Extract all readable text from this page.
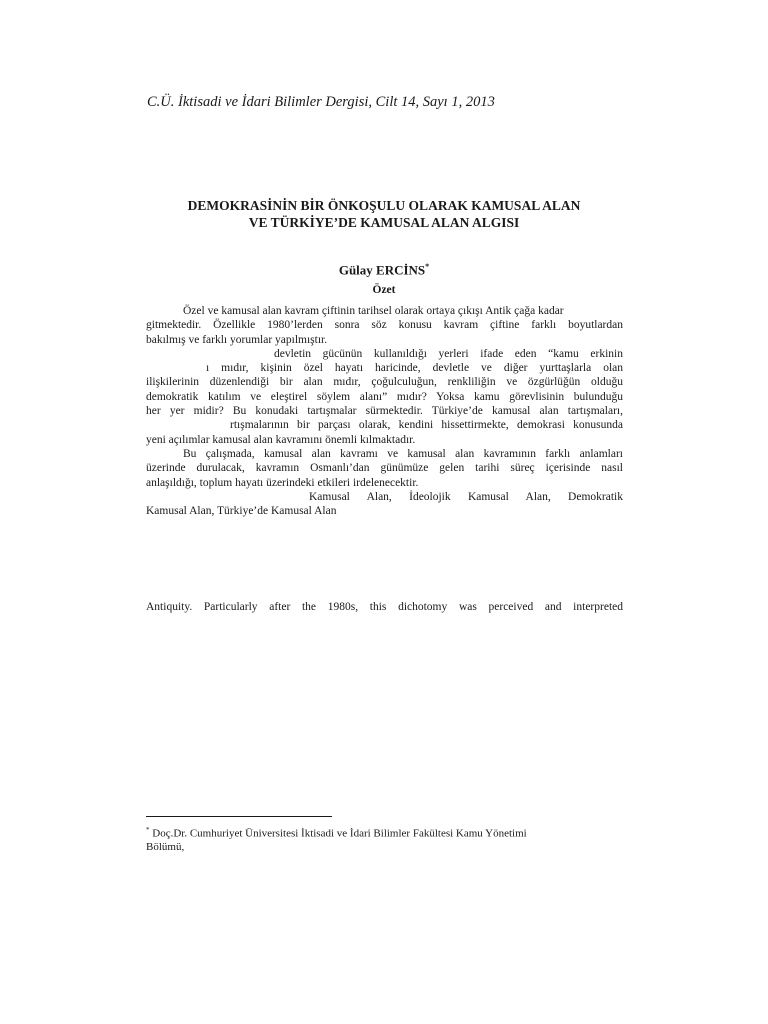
C.Ü. İktisadi ve İdari Bilimler Dergisi, Cilt 14, Sayı 1, 2013
DEMOKRASİNİN BİR ÖNKOŞULU OLARAK KAMUSAL ALAN
VE TÜRKİYE’DE KAMUSAL ALAN ALGISI
Gülay ERCİNS*
Özet
Özel ve kamusal alan kavram çiftinin tarihsel olarak ortaya çıkışı Antik çağa kadar
gitmektedir. Özellikle 1980’lerden sonra söz konusu kavram çiftine farklı boyutlardan
bakılmış ve farklı yorumlar yapılmıştır.
devletin gücünün kullanıldığı yerleri ifade eden “kamu erkinin
ı mıdır, kişinin özel hayatı haricinde, devletle ve diğer yurttaşlarla olan
ilişkilerinin düzenlendiği bir alan mıdır, çoğulculuğun, renkliliğin ve özgürlüğün olduğu
demokratik katılım ve eleştirel söylem alanı” mıdır? Yoksa kamu görevlisinin bulunduğu
her yer midir? Bu konudaki tartışmalar sürmektedir. Türkiye’de kamusal alan tartışmaları,
rtışmalarının bir parçası olarak, kendini hissettirmekte, demokrasi konusunda
yeni açılımlar kamusal alan kavramını önemli kılmaktadır.
Bu çalışmada, kamusal alan kavramı ve kamusal alan kavramının farklı anlamları
üzerinde durulacak, kavramın Osmanlı’dan günümüze gelen tarihi süreç içerisinde nasıl
anlaşıldığı, toplum hayatı üzerindeki etkileri irdelenecektir.
Kamusal Alan, İdeolojik Kamusal Alan, Demokratik
Kamusal Alan, Türkiye’de Kamusal Alan
Antiquity. Particularly after the 1980s, this dichotomy was perceived and interpreted
* Doç.Dr. Cumhuriyet Üniversitesi İktisadi ve İdari Bilimler Fakültesi Kamu Yönetimi
Bölümü,
